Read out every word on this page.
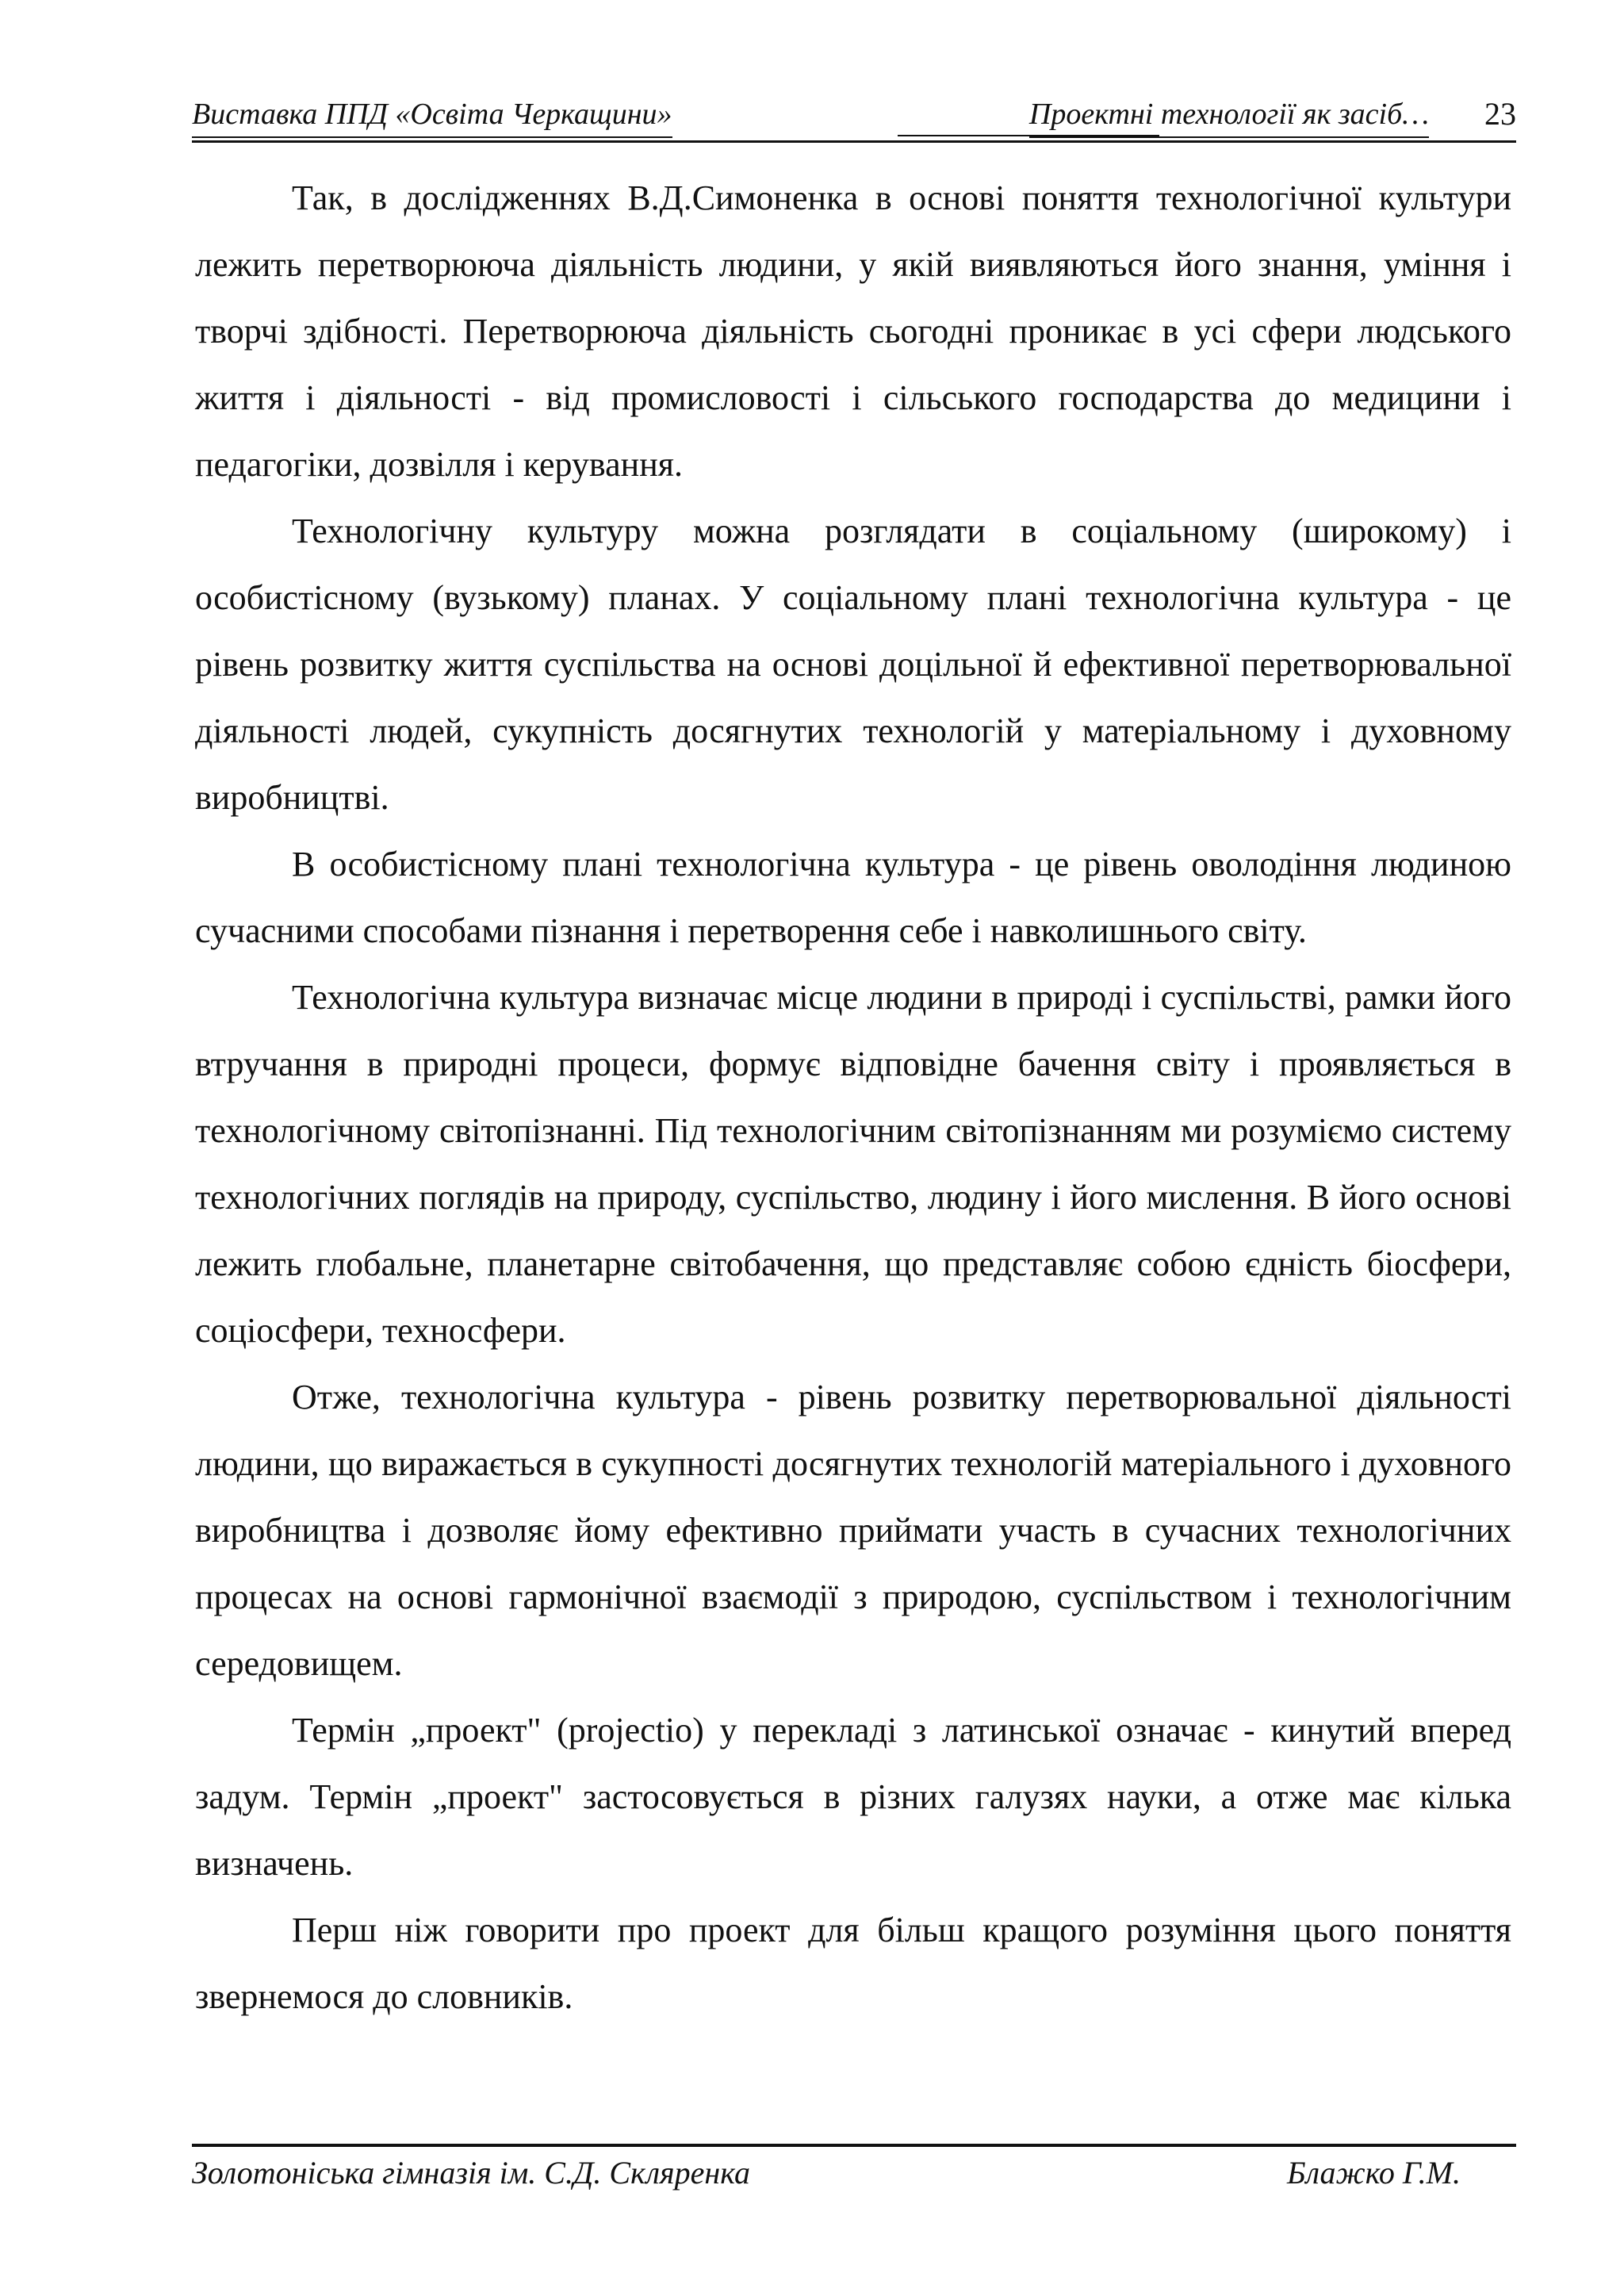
Виставка ППД «Освіта Черкащини»	Проектні технології як засіб… 23

Так, в дослідженнях В.Д.Симоненка в основі поняття технологічної культури лежить перетворююча діяльність людини, у якій виявляються його знання, уміння і творчі здібності. Перетворююча діяльність сьогодні проникає в усі сфери людського життя і діяльності - від промисловості і сільського господарства до медицини і педагогіки, дозвілля і керування.

Технологічну культуру можна розглядати в соціальному (широкому) і особистісному (вузькому) планах. У соціальному плані технологічна культура - це рівень розвитку життя суспільства на основі доцільної й ефективної перетворювальної діяльності людей, сукупність досягнутих технологій у матеріальному і духовному виробництві.

В особистісному плані технологічна культура - це рівень оволодіння людиною сучасними способами пізнання і перетворення себе і навколишнього світу.

Технологічна культура визначає місце людини в природі і суспільстві, рамки його втручання в природні процеси, формує відповідне бачення світу і проявляється в технологічному світопізнанні. Під технологічним світопізнанням ми розуміємо систему технологічних поглядів на природу, суспільство, людину і його мислення. В його основі лежить глобальне, планетарне світобачення, що представляє собою єдність біосфери, соціосфери, техносфери.

Отже, технологічна культура - рівень розвитку перетворювальної діяльності людини, що виражається в сукупності досягнутих технологій матеріального і духовного виробництва і дозволяє йому ефективно приймати участь в сучасних технологічних процесах на основі гармонічної взаємодії з природою, суспільством і технологічним середовищем.

Термін „проект" (projectio) у перекладі з латинської означає - кинутий вперед задум. Термін „проект" застосовується в різних галузях науки, а отже має кілька визначень.

Перш ніж говорити про проект для більш кращого розуміння цього поняття звернемося до словників.

Золотоніська гімназія ім. С.Д. Скляренка	Блажко Г.М.
